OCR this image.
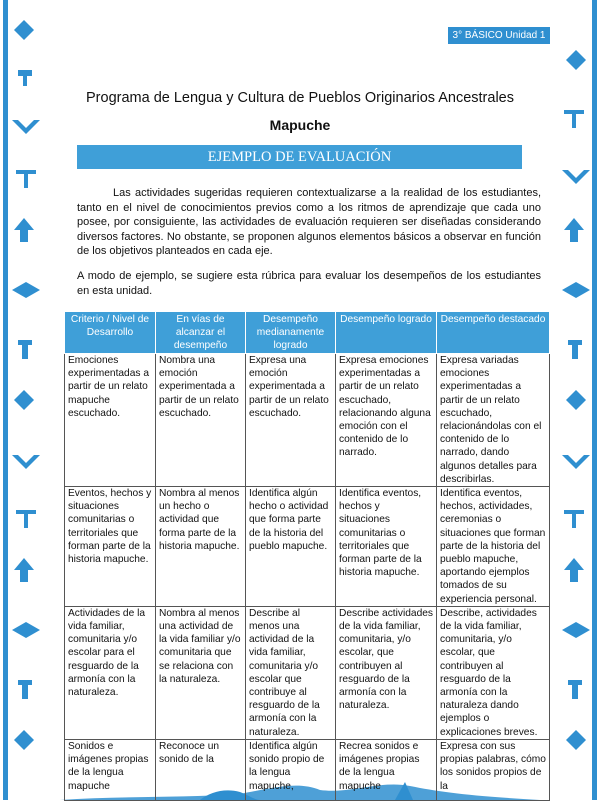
3° BÁSICO Unidad 1
Programa de Lengua y Cultura de Pueblos Originarios Ancestrales
Mapuche
EJEMPLO DE EVALUACIÓN

Las actividades sugeridas requieren contextualizarse a la realidad de los estudiantes, tanto en el nivel de conocimientos previos como a los ritmos de aprendizaje que cada uno posee, por consiguiente, las actividades de evaluación requieren ser diseñadas considerando diversos factores. No obstante, se proponen algunos elementos básicos a observar en función de los objetivos planteados en cada eje.

A modo de ejemplo, se sugiere esta rúbrica para evaluar los desempeños de los estudiantes en esta unidad.

Criterio / Nivel de Desarrollo	En vías de alcanzar el desempeño	Desempeño medianamente logrado	Desempeño logrado	Desempeño destacado
Emociones experimentadas a partir de un relato mapuche escuchado.	Nombra una emoción experimentada a partir de un relato escuchado.	Expresa una emoción experimentada a partir de un relato escuchado.	Expresa emociones experimentadas a partir de un relato escuchado, relacionando alguna emoción con el contenido de lo narrado.	Expresa variadas emociones experimentadas a partir de un relato escuchado, relacionándolas con el contenido de lo narrado, dando algunos detalles para describirlas.
Eventos, hechos y situaciones comunitarias o territoriales que forman parte de la historia mapuche.	Nombra al menos un hecho o actividad que forma parte de la historia mapuche.	Identifica algún hecho o actividad que forma parte de la historia del pueblo mapuche.	Identifica eventos, hechos y situaciones comunitarias o territoriales que forman parte de la historia mapuche.	Identifica eventos, hechos, actividades, ceremonias o situaciones que forman parte de la historia del pueblo mapuche, aportando ejemplos tomados de su experiencia personal.
Actividades de la vida familiar, comunitaria y/o escolar para el resguardo de la armonía con la naturaleza.	Nombra al menos una actividad de la vida familiar y/o comunitaria que se relaciona con la naturaleza.	Describe al menos una actividad de la vida familiar, comunitaria y/o escolar que contribuye al resguardo de la armonía con la naturaleza.	Describe actividades de la vida familiar, comunitaria, y/o escolar, que contribuyen al resguardo de la armonía con la naturaleza.	Describe, actividades de la vida familiar, comunitaria, y/o escolar, que contribuyen al resguardo de la armonía con la naturaleza dando ejemplos o explicaciones breves.
Sonidos e imágenes propias de la lengua mapuche	Reconoce un sonido de la	Identifica algún sonido propio de la lengua mapuche,	Recrea sonidos e imágenes propias de la lengua mapuche	Expresa con sus propias palabras, cómo los sonidos propios de la
